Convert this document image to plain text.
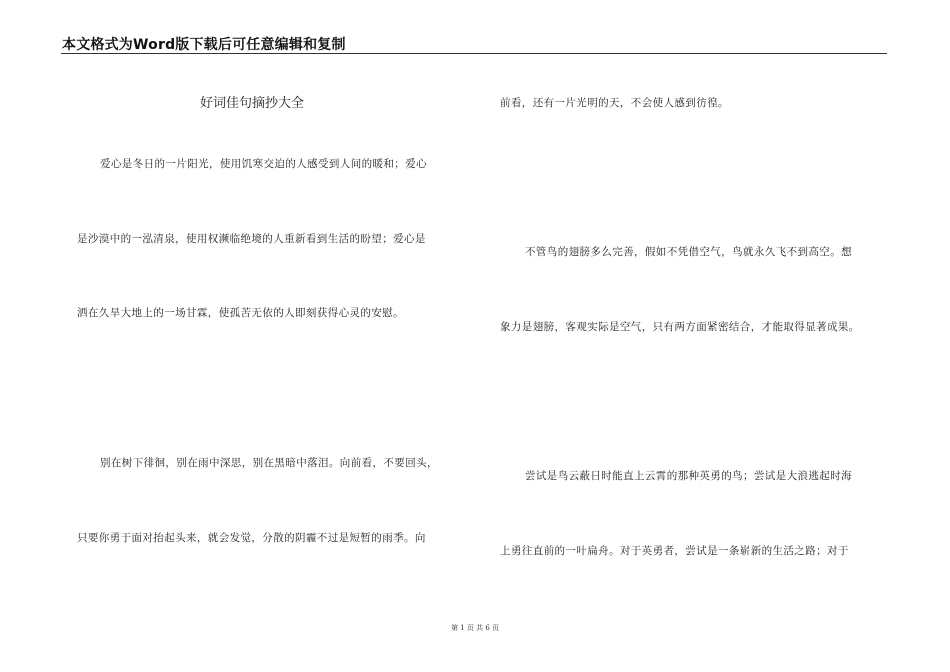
本文格式为Word版下载后可任意编辑和复制
好词佳句摘抄大全
爱心是冬日的一片阳光，使用饥寒交迫的人感受到人间的暖和；爱心
是沙漠中的一泓清泉，使用权濒临绝境的人重新看到生活的盼望；爱心是
洒在久旱大地上的一场甘霖，使孤苦无依的人即刻获得心灵的安慰。
别在树下徘徊，别在雨中深思，别在黑暗中落泪。向前看，不要回头，
只要你勇于面对抬起头来，就会发觉，分散的阴霾不过是短暂的雨季。向
前看，还有一片光明的天，不会使人感到彷徨。
不管鸟的翅膀多么完善，假如不凭借空气，鸟就永久飞不到高空。想
象力是翅膀，客观实际是空气，只有两方面紧密结合，才能取得显著成果。
尝试是鸟云蔽日时能直上云霄的那种英勇的鸟；尝试是大浪逃起时海
上勇往直前的一叶扁舟。对于英勇者，尝试是一条崭新的生活之路；对于
第 1 页 共 6 页
